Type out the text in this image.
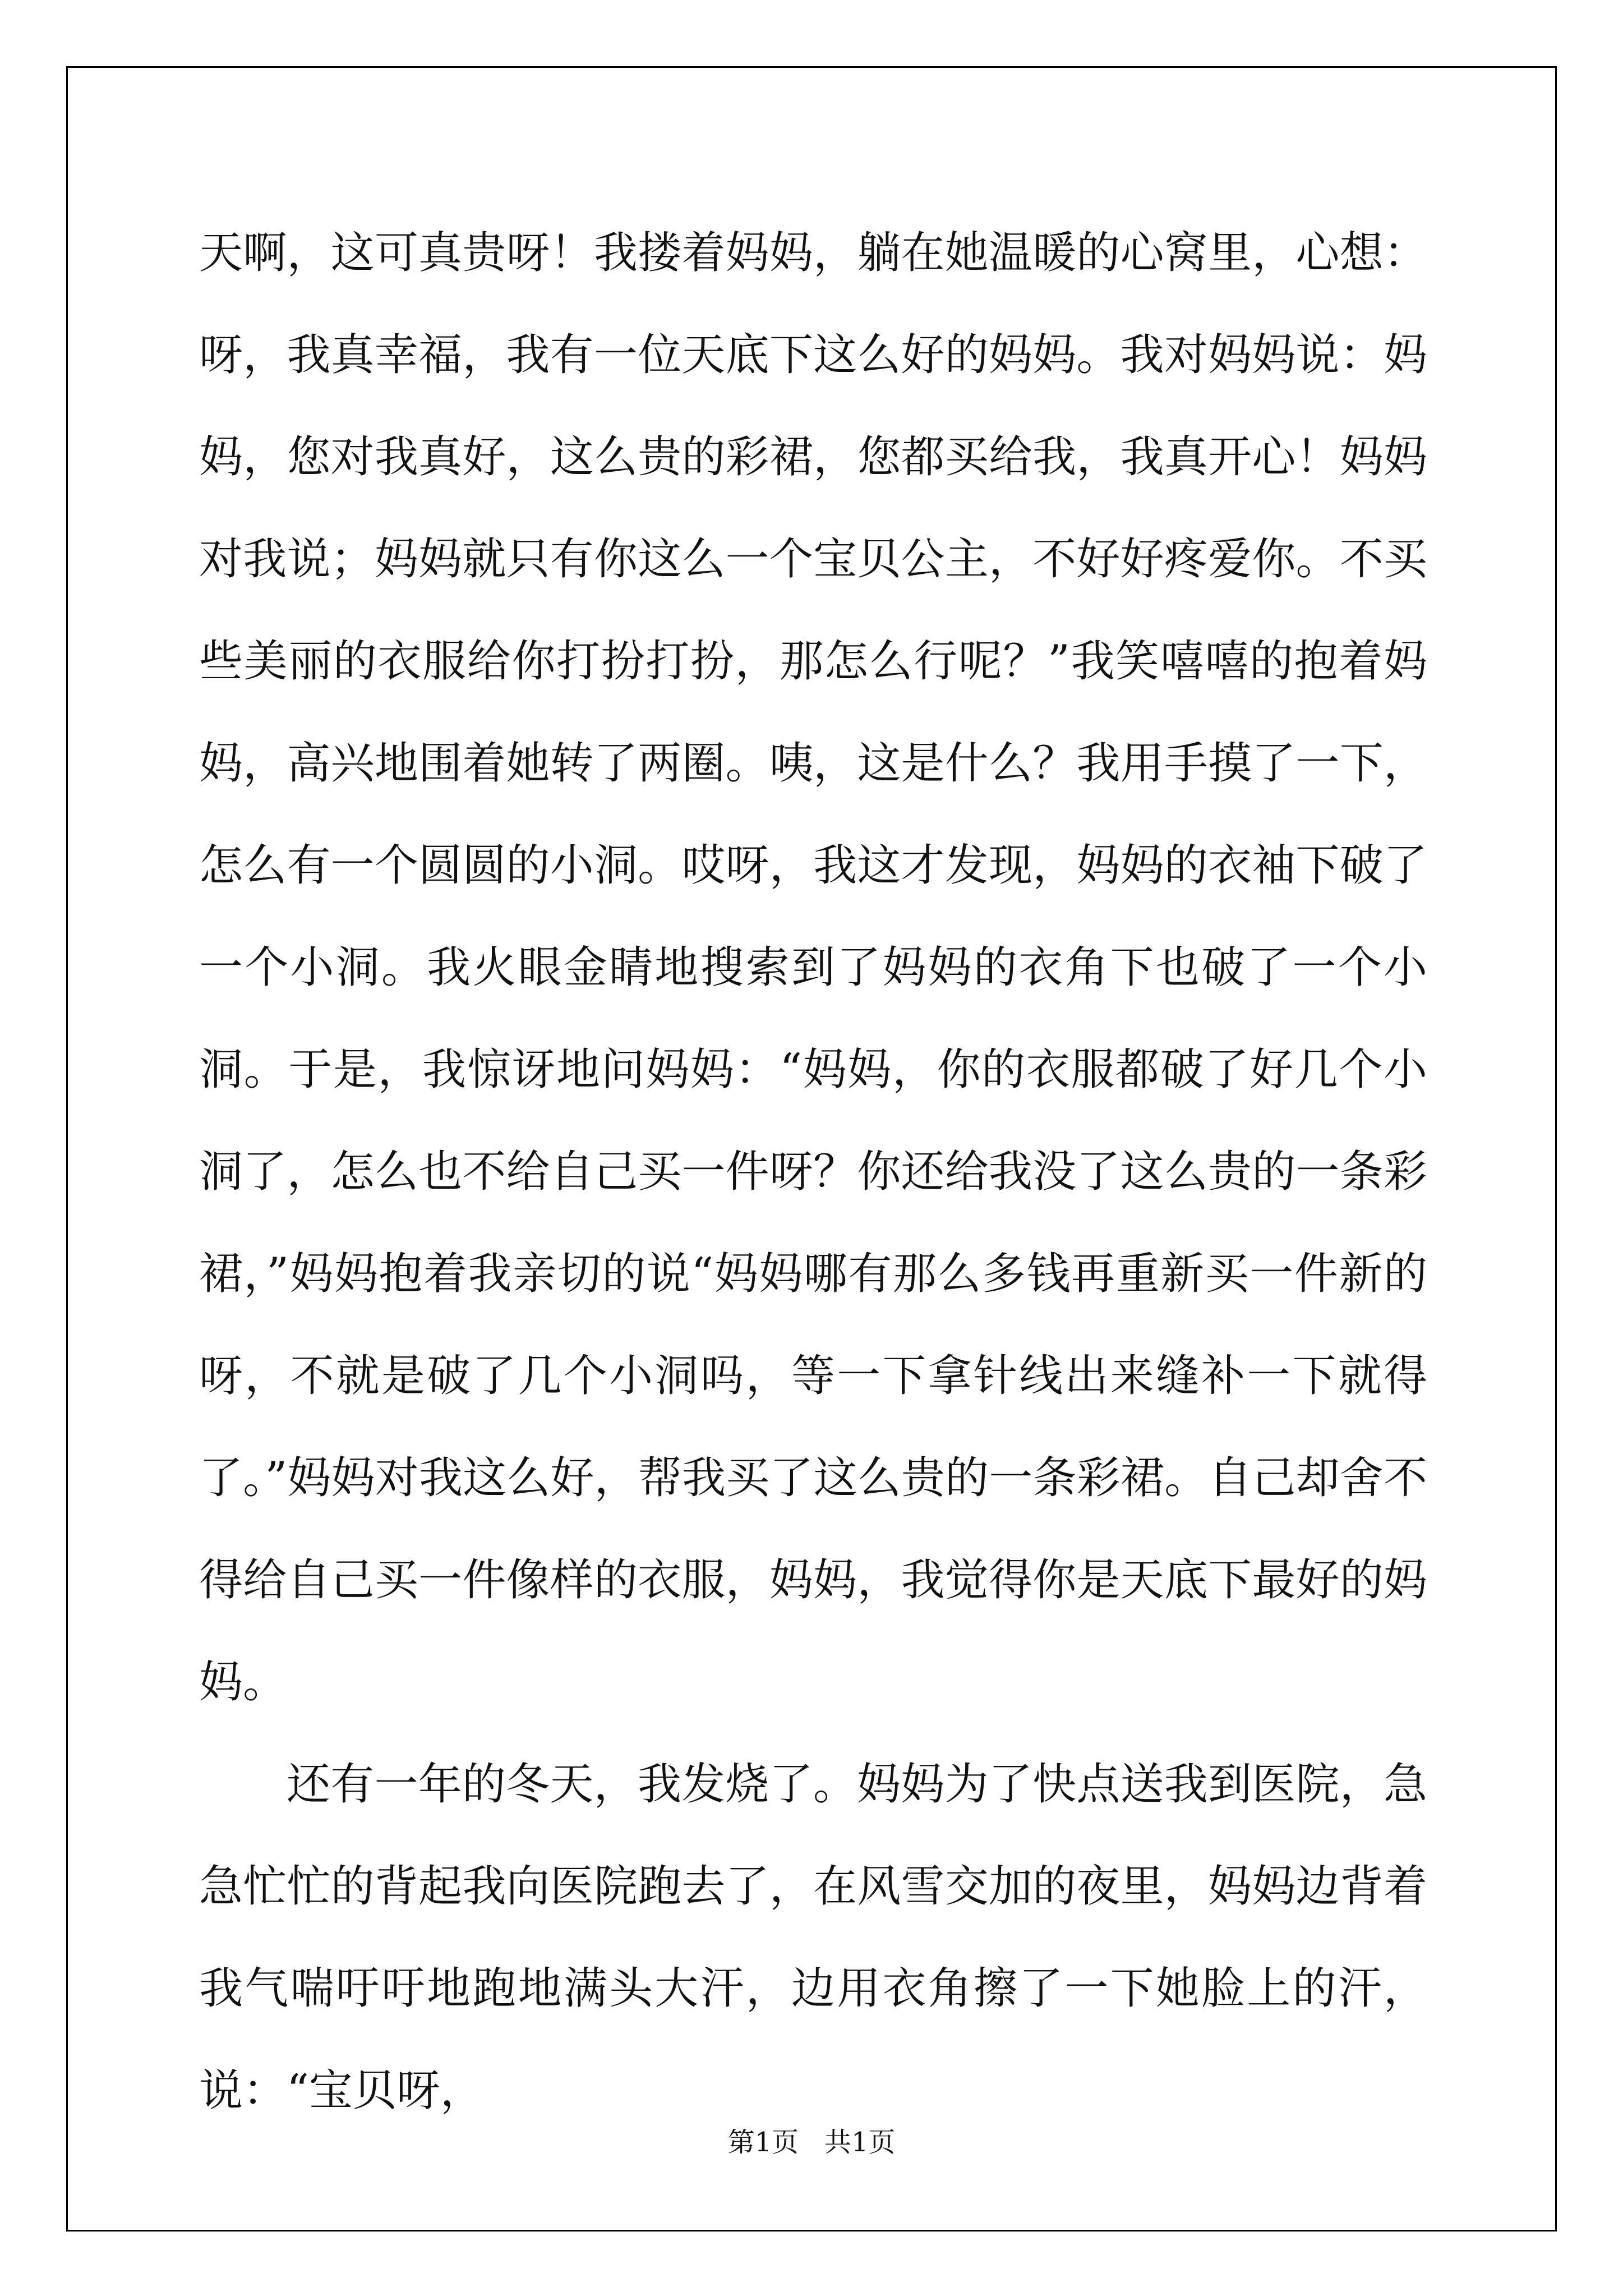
天啊，这可真贵呀！我搂着妈妈，躺在她温暖的心窝里，心想：呀，我真幸福，我有一位天底下这么好的妈妈。我对妈妈说：妈妈，您对我真好，这么贵的彩裙，您都买给我，我真开心！妈妈对我说；妈妈就只有你这么一个宝贝公主，不好好疼爱你。不买些美丽的衣服给你打扮打扮，那怎么行呢？”我笑嘻嘻的抱着妈妈，高兴地围着她转了两圈。咦，这是什么？我用手摸了一下，怎么有一个圆圆的小洞。哎呀，我这才发现，妈妈的衣袖下破了一个小洞。我火眼金睛地搜索到了妈妈的衣角下也破了一个小洞。于是，我惊讶地问妈妈：“妈妈，你的衣服都破了好几个小洞了，怎么也不给自己买一件呀？你还给我没了这么贵的一条彩裙，”妈妈抱着我亲切的说“妈妈哪有那么多钱再重新买一件新的呀，不就是破了几个小洞吗，等一下拿针线出来缝补一下就得了。”妈妈对我这么好，帮我买了这么贵的一条彩裙。自己却舍不得给自己买一件像样的衣服，妈妈，我觉得你是天底下最好的妈妈。

还有一年的冬天，我发烧了。妈妈为了快点送我到医院，急急忙忙的背起我向医院跑去了，在风雪交加的夜里，妈妈边背着我气喘吁吁地跑地满头大汗，边用衣角擦了一下她脸上的汗，说：“宝贝呀，

第1页   共1页
